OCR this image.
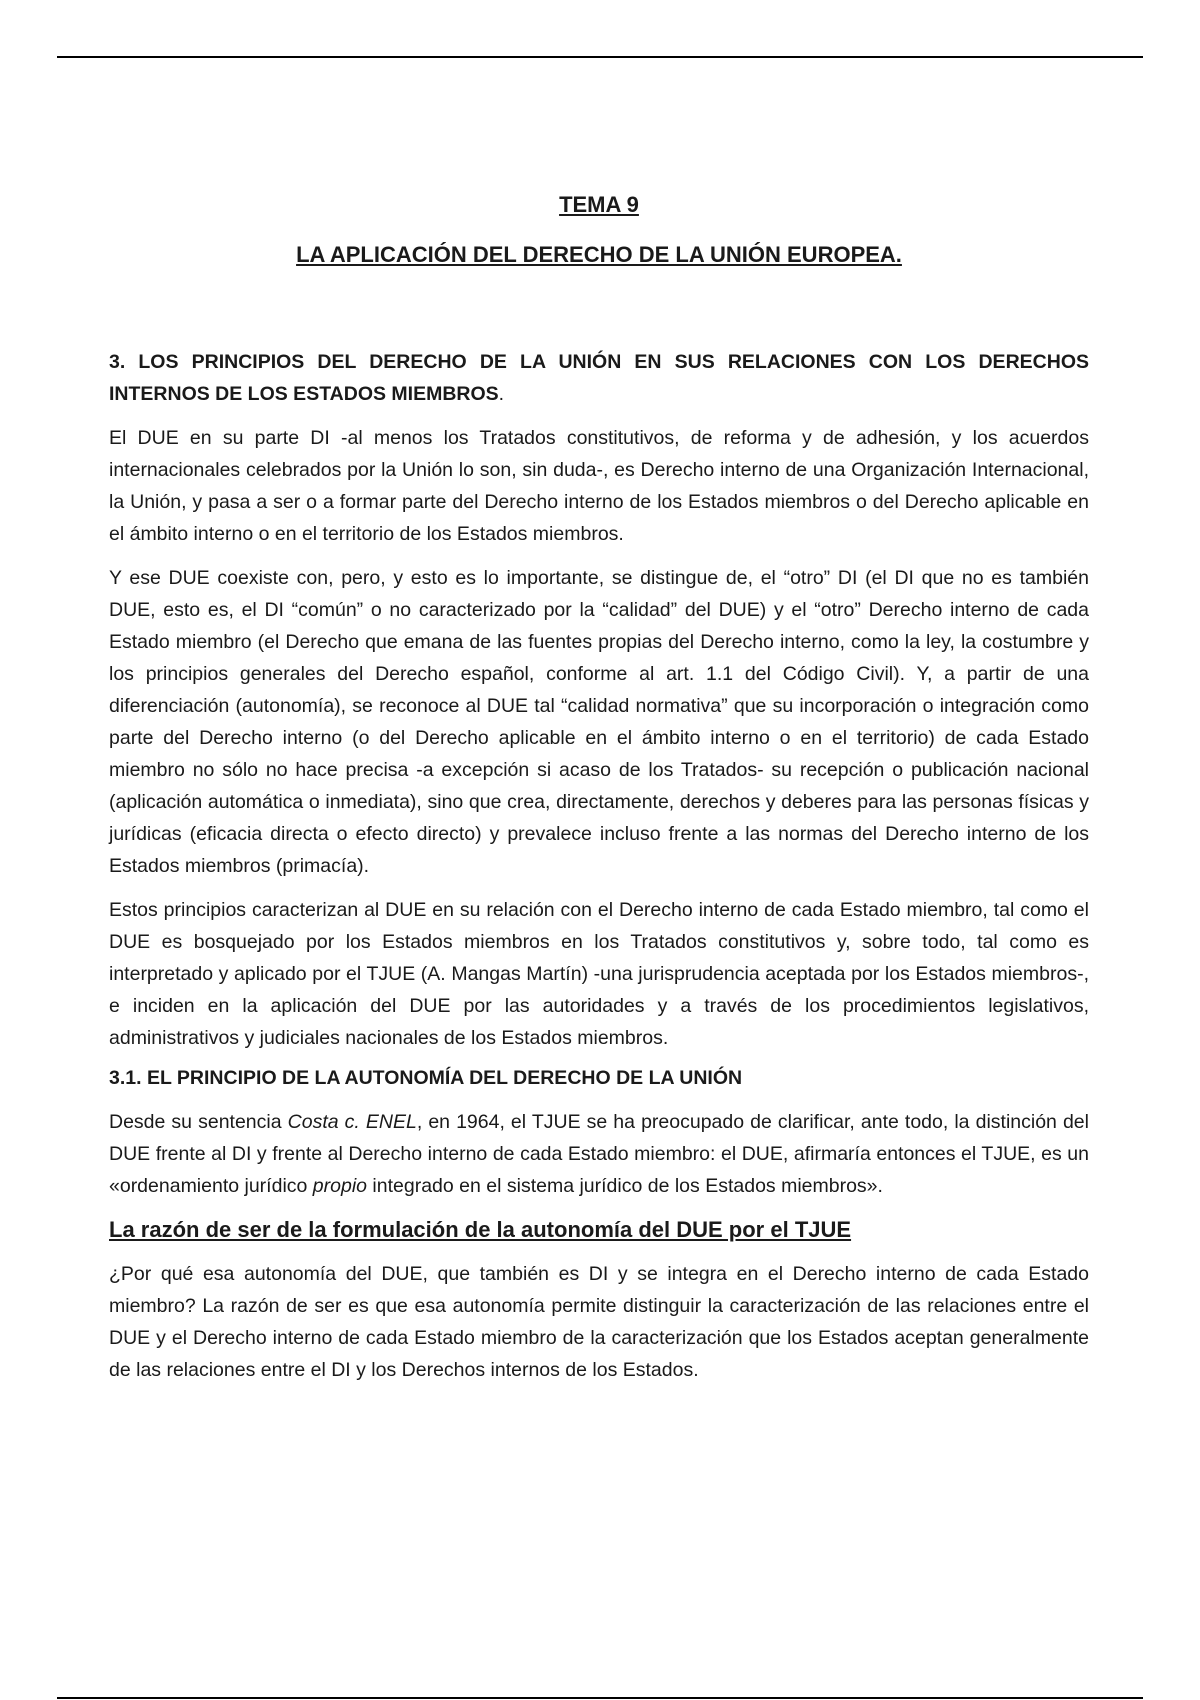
TEMA 9
LA APLICACIÓN DEL DERECHO DE LA UNIÓN EUROPEA.
3. LOS PRINCIPIOS DEL DERECHO DE LA UNIÓN EN SUS RELACIONES CON LOS DERECHOS INTERNOS DE LOS ESTADOS MIEMBROS.

El DUE en su parte DI -al menos los Tratados constitutivos, de reforma y de adhesión, y los acuerdos internacionales celebrados por la Unión lo son, sin duda-, es Derecho interno de una Organización Internacional, la Unión, y pasa a ser o a formar parte del Derecho interno de los Estados miembros o del Derecho aplicable en el ámbito interno o en el territorio de los Estados miembros.

Y ese DUE coexiste con, pero, y esto es lo importante, se distingue de, el “otro” DI (el DI que no es también DUE, esto es, el DI “común” o no caracterizado por la “calidad” del DUE) y el “otro” Derecho interno de cada Estado miembro (el Derecho que emana de las fuentes propias del Derecho interno, como la ley, la costumbre y los principios generales del Derecho español, conforme al art. 1.1 del Código Civil). Y, a partir de una diferenciación (autonomía), se reconoce al DUE tal “calidad normativa” que su incorporación o integración como parte del Derecho interno (o del Derecho aplicable en el ámbito interno o en el territorio) de cada Estado miembro no sólo no hace precisa -a excepción si acaso de los Tratados- su recepción o publicación nacional (aplicación automática o inmediata), sino que crea, directamente, derechos y deberes para las personas físicas y jurídicas (eficacia directa o efecto directo) y prevalece incluso frente a las normas del Derecho interno de los Estados miembros (primacía).

Estos principios caracterizan al DUE en su relación con el Derecho interno de cada Estado miembro, tal como el DUE es bosquejado por los Estados miembros en los Tratados constitutivos y, sobre todo, tal como es interpretado y aplicado por el TJUE (A. Mangas Martín) -una jurisprudencia aceptada por los Estados miembros-, e inciden en la aplicación del DUE por las autoridades y a través de los procedimientos legislativos, administrativos y judiciales nacionales de los Estados miembros.

3.1. EL PRINCIPIO DE LA AUTONOMÍA DEL DERECHO DE LA UNIÓN

Desde su sentencia Costa c. ENEL, en 1964, el TJUE se ha preocupado de clarificar, ante todo, la distinción del DUE frente al DI y frente al Derecho interno de cada Estado miembro: el DUE, afirmaría entonces el TJUE, es un «ordenamiento jurídico propio integrado en el sistema jurídico de los Estados miembros».

La razón de ser de la formulación de la autonomía del DUE por el TJUE

¿Por qué esa autonomía del DUE, que también es DI y se integra en el Derecho interno de cada Estado miembro? La razón de ser es que esa autonomía permite distinguir la caracterización de las relaciones entre el DUE y el Derecho interno de cada Estado miembro de la caracterización que los Estados aceptan generalmente de las relaciones entre el DI y los Derechos internos de los Estados.
